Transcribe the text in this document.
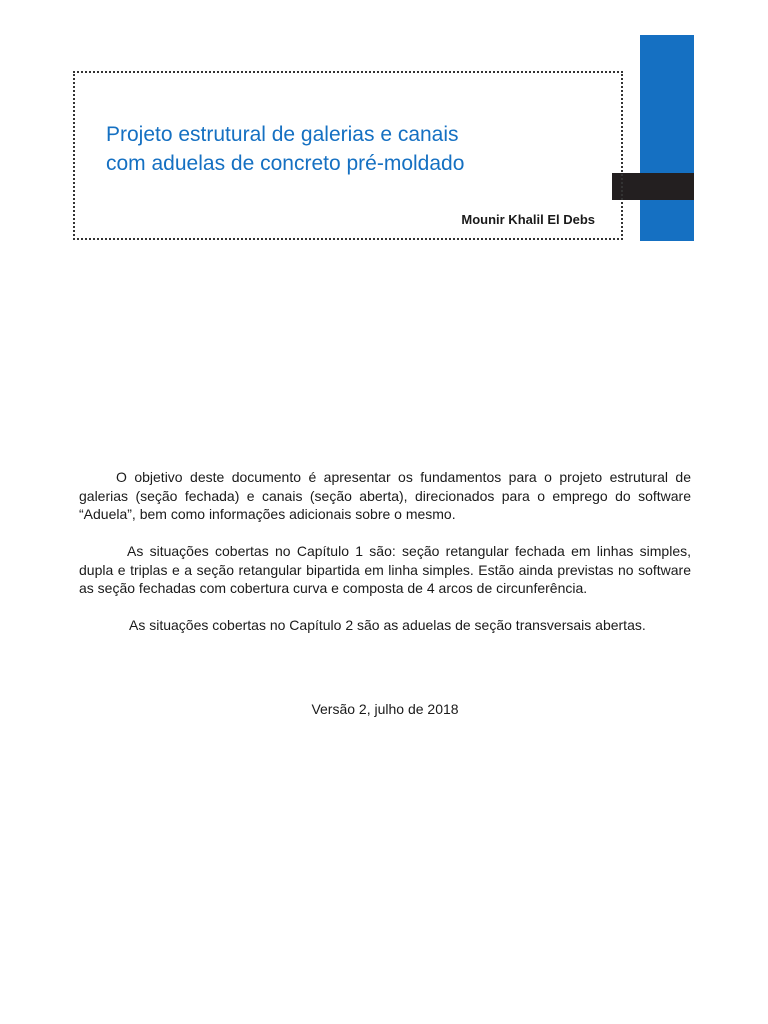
Projeto estrutural de galerias e canais
com aduelas de concreto pré-moldado
Mounir Khalil El Debs

O objetivo deste documento é apresentar os fundamentos para o projeto estrutural de galerias (seção fechada) e canais (seção aberta), direcionados para o emprego do software “Aduela”, bem como informações adicionais sobre o mesmo.

As situações cobertas no Capítulo 1 são: seção retangular fechada em linhas simples, dupla e triplas e a seção retangular bipartida em linha simples. Estão ainda previstas no software as seção fechadas com cobertura curva e composta de 4 arcos de circunferência.

As situações cobertas no Capítulo 2 são as aduelas de seção transversais abertas.

Versão 2, julho de 2018
